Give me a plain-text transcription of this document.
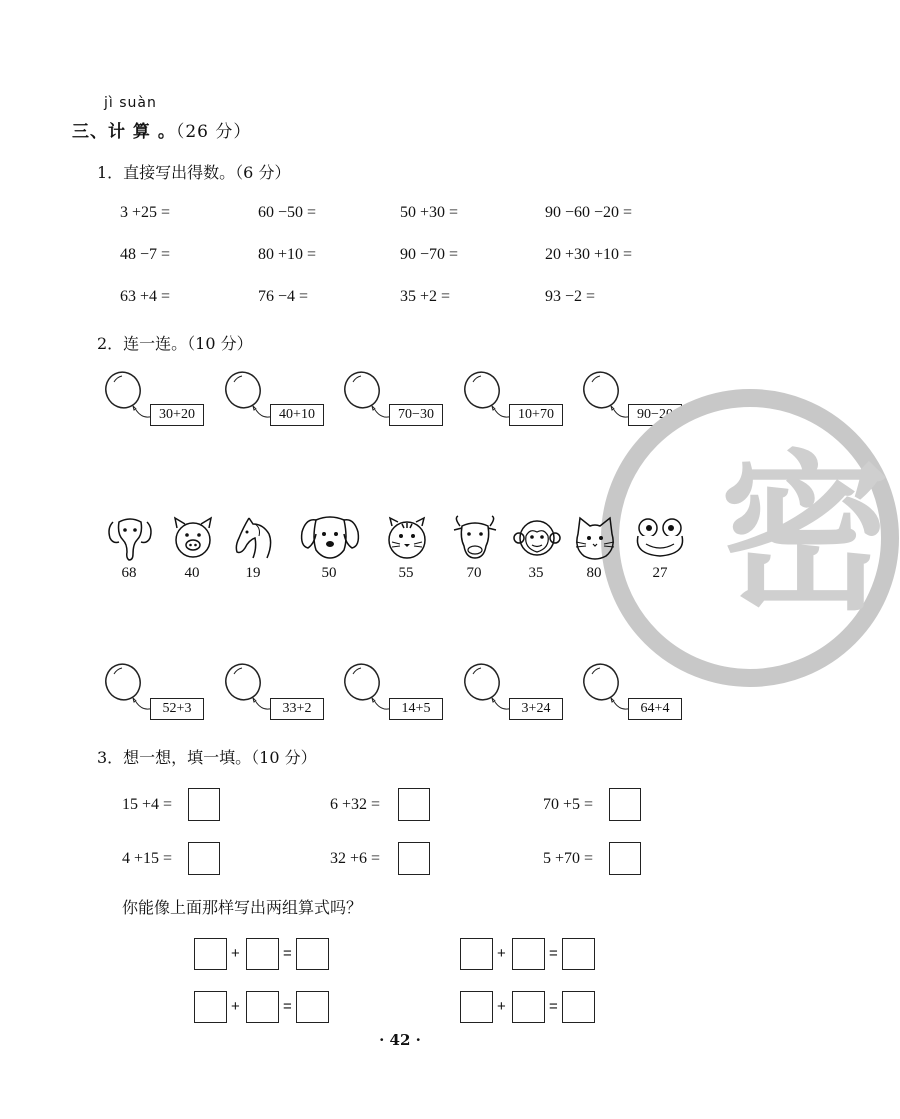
jì suàn
三、计 算 。（26 分）
1．直接写出得数。（6 分）
3 +25 =	60 −50 =	50 +30 =	90 −60 −20 =
48 −7 =	80 +10 =	90 −70 =	20 +30 +10 =
63 +4 =	76 −4 =	35 +2 =	93 −2 =
2．连一连。（10 分）
30+20	40+10	70−30	10+70	90−20
密
68	40	19	50	55	70	35	80	27
52+3	33+2	14+5	3+24	64+4
3．想一想，填一填。（10 分）
15 +4 =	6 +32 =	70 +5 =
4 +15 =	32 +6 =	5 +70 =
你能像上面那样写出两组算式吗？
+	=	+	=
+	=	+	=
· 42 ·
